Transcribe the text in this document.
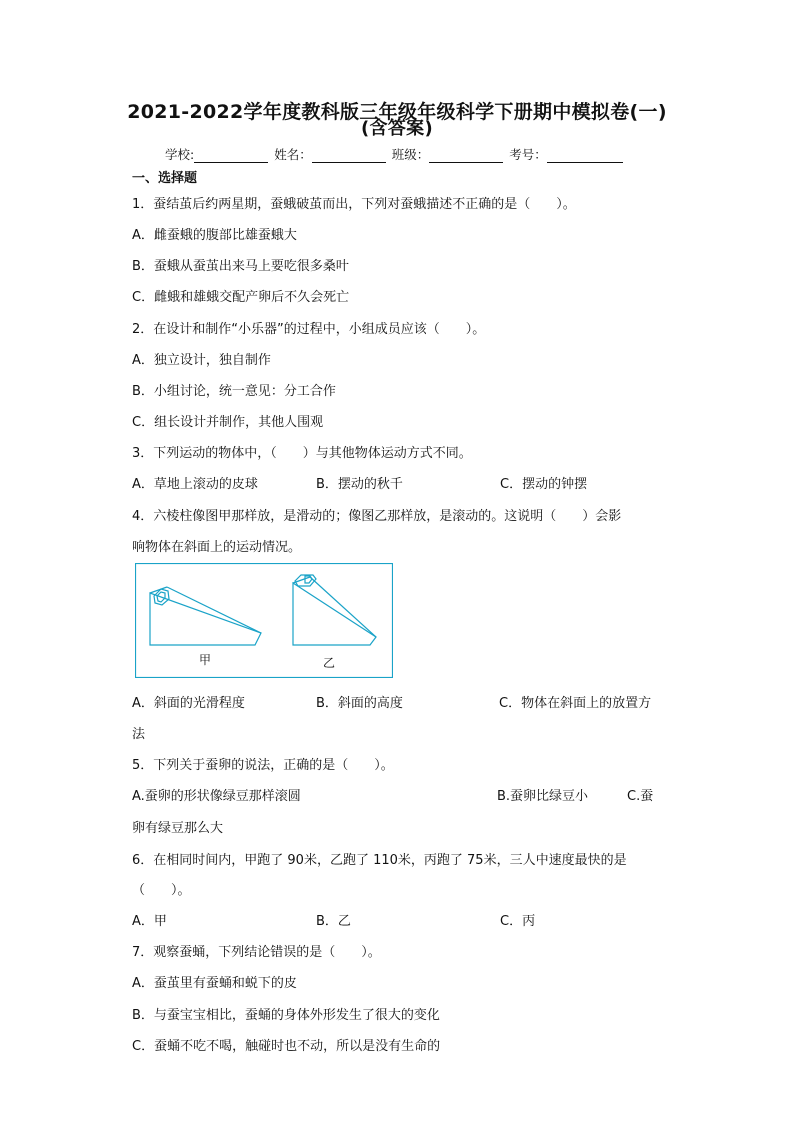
2021-2022学年度教科版三年级年级科学下册期中模拟卷(一)
(含答案)
学校:	姓名：	班级：	考号：
一、选择题
1．蚕结茧后约两星期，蚕蛾破茧而出，下列对蚕蛾描述不正确的是（　　）。
A．雌蚕蛾的腹部比雄蚕蛾大
B．蚕蛾从蚕茧出来马上要吃很多桑叶
C．雌蛾和雄蛾交配产卵后不久会死亡
2．在设计和制作“小乐器”的过程中，小组成员应该（　　）。
A．独立设计，独自制作
B．小组讨论，统一意见：分工合作
C．组长设计并制作，其他人围观
3．下列运动的物体中，（　　）与其他物体运动方式不同。
A．草地上滚动的皮球	B．摆动的秋千	C．摆动的钟摆
4．六棱柱像图甲那样放，是滑动的；像图乙那样放，是滚动的。这说明（　　）会影
响物体在斜面上的运动情况。
甲	乙
A．斜面的光滑程度	B．斜面的高度	C．物体在斜面上的放置方
法
5．下列关于蚕卵的说法，正确的是（　　）。
A.蚕卵的形状像绿豆那样滚圆	B.蚕卵比绿豆小	C.蚕
卵有绿豆那么大
6．在相同时间内，甲跑了 90米，乙跑了 110米，丙跑了 75米，三人中速度最快的是
（　　）。
A．甲	B．乙	C．丙
7．观察蚕蛹，下列结论错误的是（　　）。
A．蚕茧里有蚕蛹和蜕下的皮
B．与蚕宝宝相比，蚕蛹的身体外形发生了很大的变化
C．蚕蛹不吃不喝，触碰时也不动，所以是没有生命的
